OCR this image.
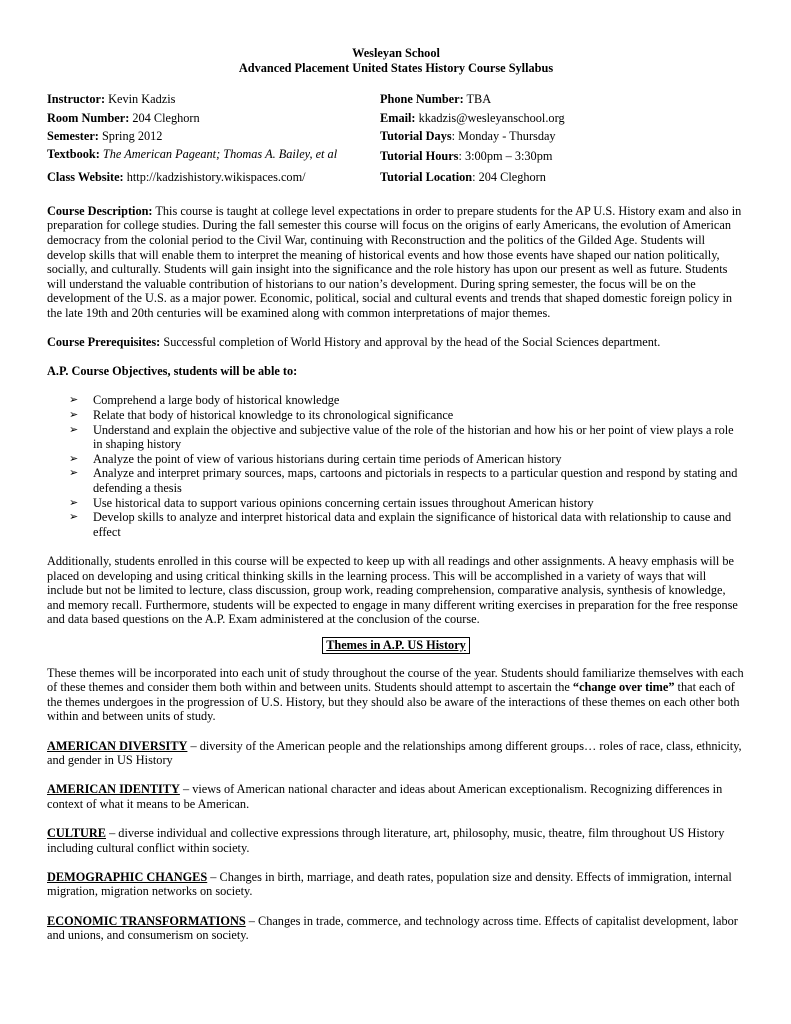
Wesleyan School
Advanced Placement United States History Course Syllabus
Instructor: Kevin Kadzis
Room Number: 204 Cleghorn
Semester: Spring 2012
Textbook: The American Pageant; Thomas A. Bailey, et al
Class Website: http://kadzishistory.wikispaces.com/
Phone Number: TBA
Email: kkadzis@wesleyanschool.org
Tutorial Days: Monday - Thursday
Tutorial Hours: 3:00pm – 3:30pm
Tutorial Location: 204 Cleghorn

Course Description: This course is taught at college level expectations in order to prepare students for the AP U.S. History exam and also in preparation for college studies. During the fall semester this course will focus on the origins of early Americans, the evolution of American democracy from the colonial period to the Civil War, continuing with Reconstruction and the politics of the Gilded Age. Students will develop skills that will enable them to interpret the meaning of historical events and how those events have shaped our nation politically, socially, and culturally. Students will gain insight into the significance and the role history has upon our present as well as future. Students will understand the valuable contribution of historians to our nation’s development. During spring semester, the focus will be on the development of the U.S. as a major power. Economic, political, social and cultural events and trends that shaped domestic foreign policy in the late 19th and 20th centuries will be examined along with common interpretations of major themes.

Course Prerequisites: Successful completion of World History and approval by the head of the Social Sciences department.

A.P. Course Objectives, students will be able to:

➢ Comprehend a large body of historical knowledge
➢ Relate that body of historical knowledge to its chronological significance
➢ Understand and explain the objective and subjective value of the role of the historian and how his or her point of view plays a role in shaping history
➢ Analyze the point of view of various historians during certain time periods of American history
➢ Analyze and interpret primary sources, maps, cartoons and pictorials in respects to a particular question and respond by stating and defending a thesis
➢ Use historical data to support various opinions concerning certain issues throughout American history
➢ Develop skills to analyze and interpret historical data and explain the significance of historical data with relationship to cause and effect

Additionally, students enrolled in this course will be expected to keep up with all readings and other assignments. A heavy emphasis will be placed on developing and using critical thinking skills in the learning process. This will be accomplished in a variety of ways that will include but not be limited to lecture, class discussion, group work, reading comprehension, comparative analysis, synthesis of knowledge, and memory recall. Furthermore, students will be expected to engage in many different writing exercises in preparation for the free response and data based questions on the A.P. Exam administered at the conclusion of the course.

Themes in A.P. US History

These themes will be incorporated into each unit of study throughout the course of the year. Students should familiarize themselves with each of these themes and consider them both within and between units. Students should attempt to ascertain the “change over time” that each of the themes undergoes in the progression of U.S. History, but they should also be aware of the interactions of these themes on each other both within and between units of study.

AMERICAN DIVERSITY – diversity of the American people and the relationships among different groups… roles of race, class, ethnicity, and gender in US History

AMERICAN IDENTITY – views of American national character and ideas about American exceptionalism. Recognizing differences in context of what it means to be American.

CULTURE – diverse individual and collective expressions through literature, art, philosophy, music, theatre, film throughout US History including cultural conflict within society.

DEMOGRAPHIC CHANGES – Changes in birth, marriage, and death rates, population size and density. Effects of immigration, internal migration, migration networks on society.

ECONOMIC TRANSFORMATIONS – Changes in trade, commerce, and technology across time. Effects of capitalist development, labor and unions, and consumerism on society.
